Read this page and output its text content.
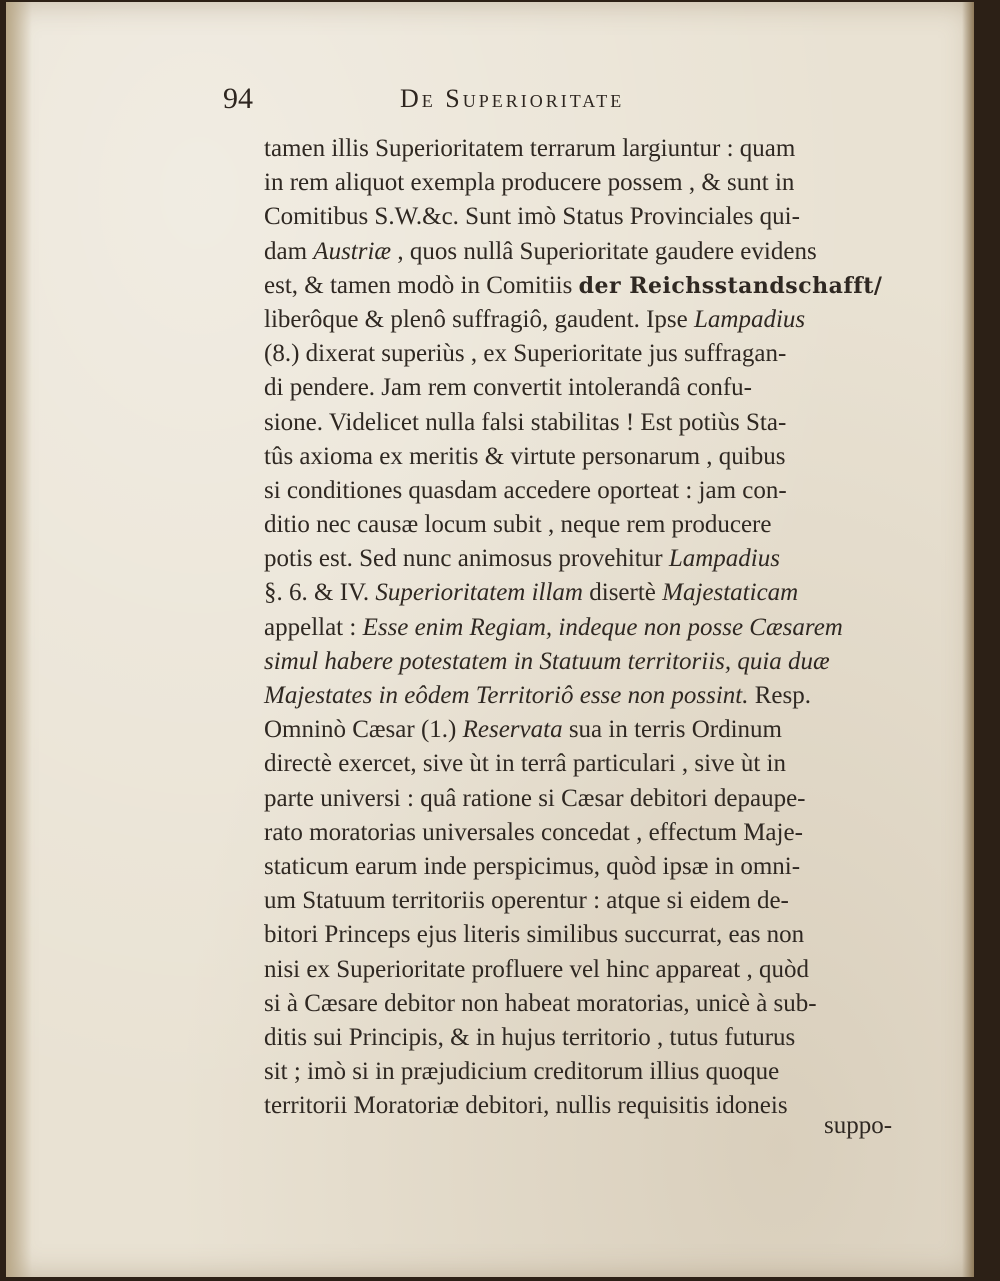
94	De Superioritate
tamen illis Superioritatem terrarum largiuntur : quam
in rem aliquot exempla producere possem , & sunt in
Comitibus S.W.&c. Sunt imò Status Provinciales qui-
dam Austriæ , quos nullâ Superioritate gaudere evidens
est, & tamen modò in Comitiis der Reichsstandschafft/
liberôque & plenô suffragiô, gaudent. Ipse Lampadius
(8.) dixerat superiùs , ex Superioritate jus suffragan-
di pendere. Jam rem convertit intolerandâ confu-
sione. Videlicet nulla falsi stabilitas ! Est potiùs Sta-
tûs axioma ex meritis & virtute personarum , quibus
si conditiones quasdam accedere oporteat : jam con-
ditio nec causæ locum subit , neque rem producere
potis est. Sed nunc animosus provehitur Lampadius
§. 6. & IV. Superioritatem illam disertè Majestaticam
appellat : Esse enim Regiam, indeque non posse Cæsarem
simul habere potestatem in Statuum territoriis, quia duæ
Majestates in eôdem Territoriô esse non possint. Resp.
Omninò Cæsar (1.) Reservata sua in terris Ordinum
directè exercet, sive ùt in terrâ particulari , sive ùt in
parte universi : quâ ratione si Cæsar debitori depaupe-
rato moratorias universales concedat , effectum Maje-
staticum earum inde perspicimus, quòd ipsæ in omni-
um Statuum territoriis operentur : atque si eidem de-
bitori Princeps ejus literis similibus succurrat, eas non
nisi ex Superioritate profluere vel hinc appareat , quòd
si à Cæsare debitor non habeat moratorias, unicè à sub-
ditis sui Principis, & in hujus territorio , tutus futurus
sit ; imò si in præjudicium creditorum illius quoque
territorii Moratoriæ debitori, nullis requisitis idoneis
suppo-
